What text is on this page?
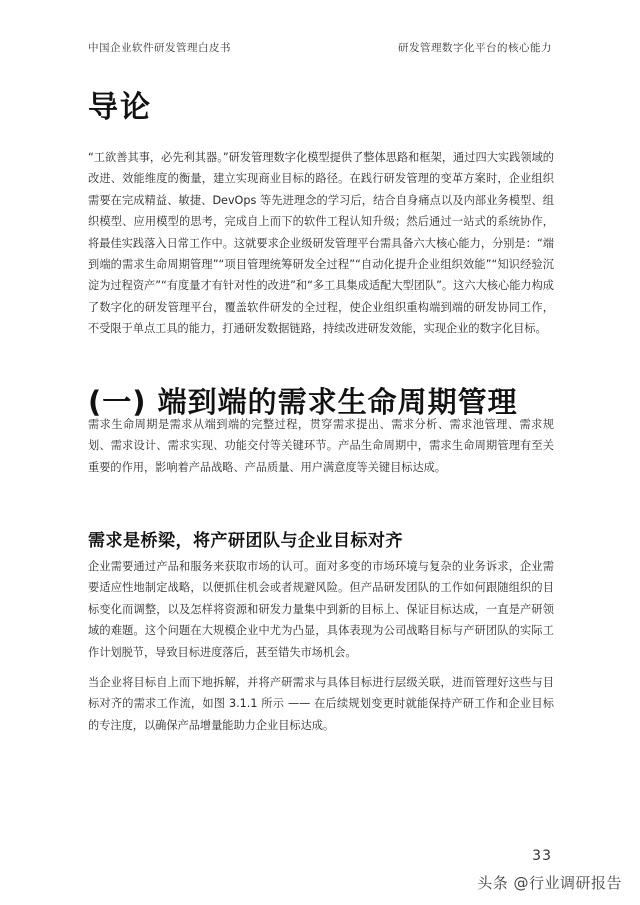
中国企业软件研发管理白皮书	研发管理数字化平台的核心能力
导论

“工欲善其事，必先利其器。”研发管理数字化模型提供了整体思路和框架，通过四大实践领域的改进、效能维度的衡量，建立实现商业目标的路径。在践行研发管理的变革方案时，企业组织需要在完成精益、敏捷、DevOps 等先进理念的学习后，结合自身痛点以及内部业务模型、组织模型、应用模型的思考，完成自上而下的软件工程认知升级；然后通过一站式的系统协作，将最佳实践落入日常工作中。这就要求企业级研发管理平台需具备六大核心能力，分别是：“端到端的需求生命周期管理”“项目管理统筹研发全过程”“自动化提升企业组织效能”“知识经验沉淀为过程资产”“有度量才有针对性的改进”和“多工具集成适配大型团队”。这六大核心能力构成了数字化的研发管理平台，覆盖软件研发的全过程，使企业组织重构端到端的研发协同工作，不受限于单点工具的能力，打通研发数据链路，持续改进研发效能，实现企业的数字化目标。

(一) 端到端的需求生命周期管理

需求生命周期是需求从端到端的完整过程，贯穿需求提出、需求分析、需求池管理、需求规划、需求设计、需求实现、功能交付等关键环节。产品生命周期中，需求生命周期管理有至关重要的作用，影响着产品战略、产品质量、用户满意度等关键目标达成。

需求是桥梁，将产研团队与企业目标对齐

企业需要通过产品和服务来获取市场的认可。面对多变的市场环境与复杂的业务诉求，企业需要适应性地制定战略，以便抓住机会或者规避风险。但产品研发团队的工作如何跟随组织的目标变化而调整，以及怎样将资源和研发力量集中到新的目标上、保证目标达成，一直是产研领域的难题。这个问题在大规模企业中尤为凸显，具体表现为公司战略目标与产研团队的实际工作计划脱节，导致目标进度落后，甚至错失市场机会。

当企业将目标自上而下地拆解，并将产研需求与具体目标进行层级关联，进而管理好这些与目标对齐的需求工作流，如图 3.1.1 所示 —— 在后续规划变更时就能保持产研工作和企业目标的专注度，以确保产品增量能助力企业目标达成。

33
头条 @行业调研报告
